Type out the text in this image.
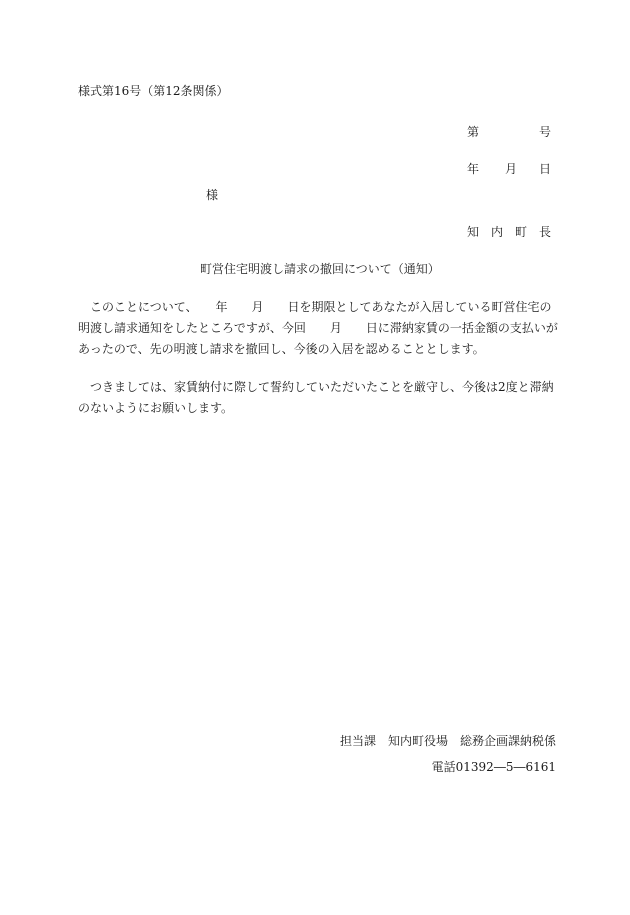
様式第16号（第12条関係）
第	号
年 月 日
様
知 内 町 長
町営住宅明渡し請求の撤回について（通知）
　このことについて、　　年　　月　　日を期限としてあなたが入居している町営住宅の
明渡し請求通知をしたところですが、今回　　月　　日に滞納家賃の一括金額の支払いが
あったので、先の明渡し請求を撤回し、今後の入居を認めることとします。
　つきましては、家賃納付に際して誓約していただいたことを厳守し、今後は2度と滞納
のないようにお願いします。
担当課　知内町役場　総務企画課納税係
電話01392―5―6161
